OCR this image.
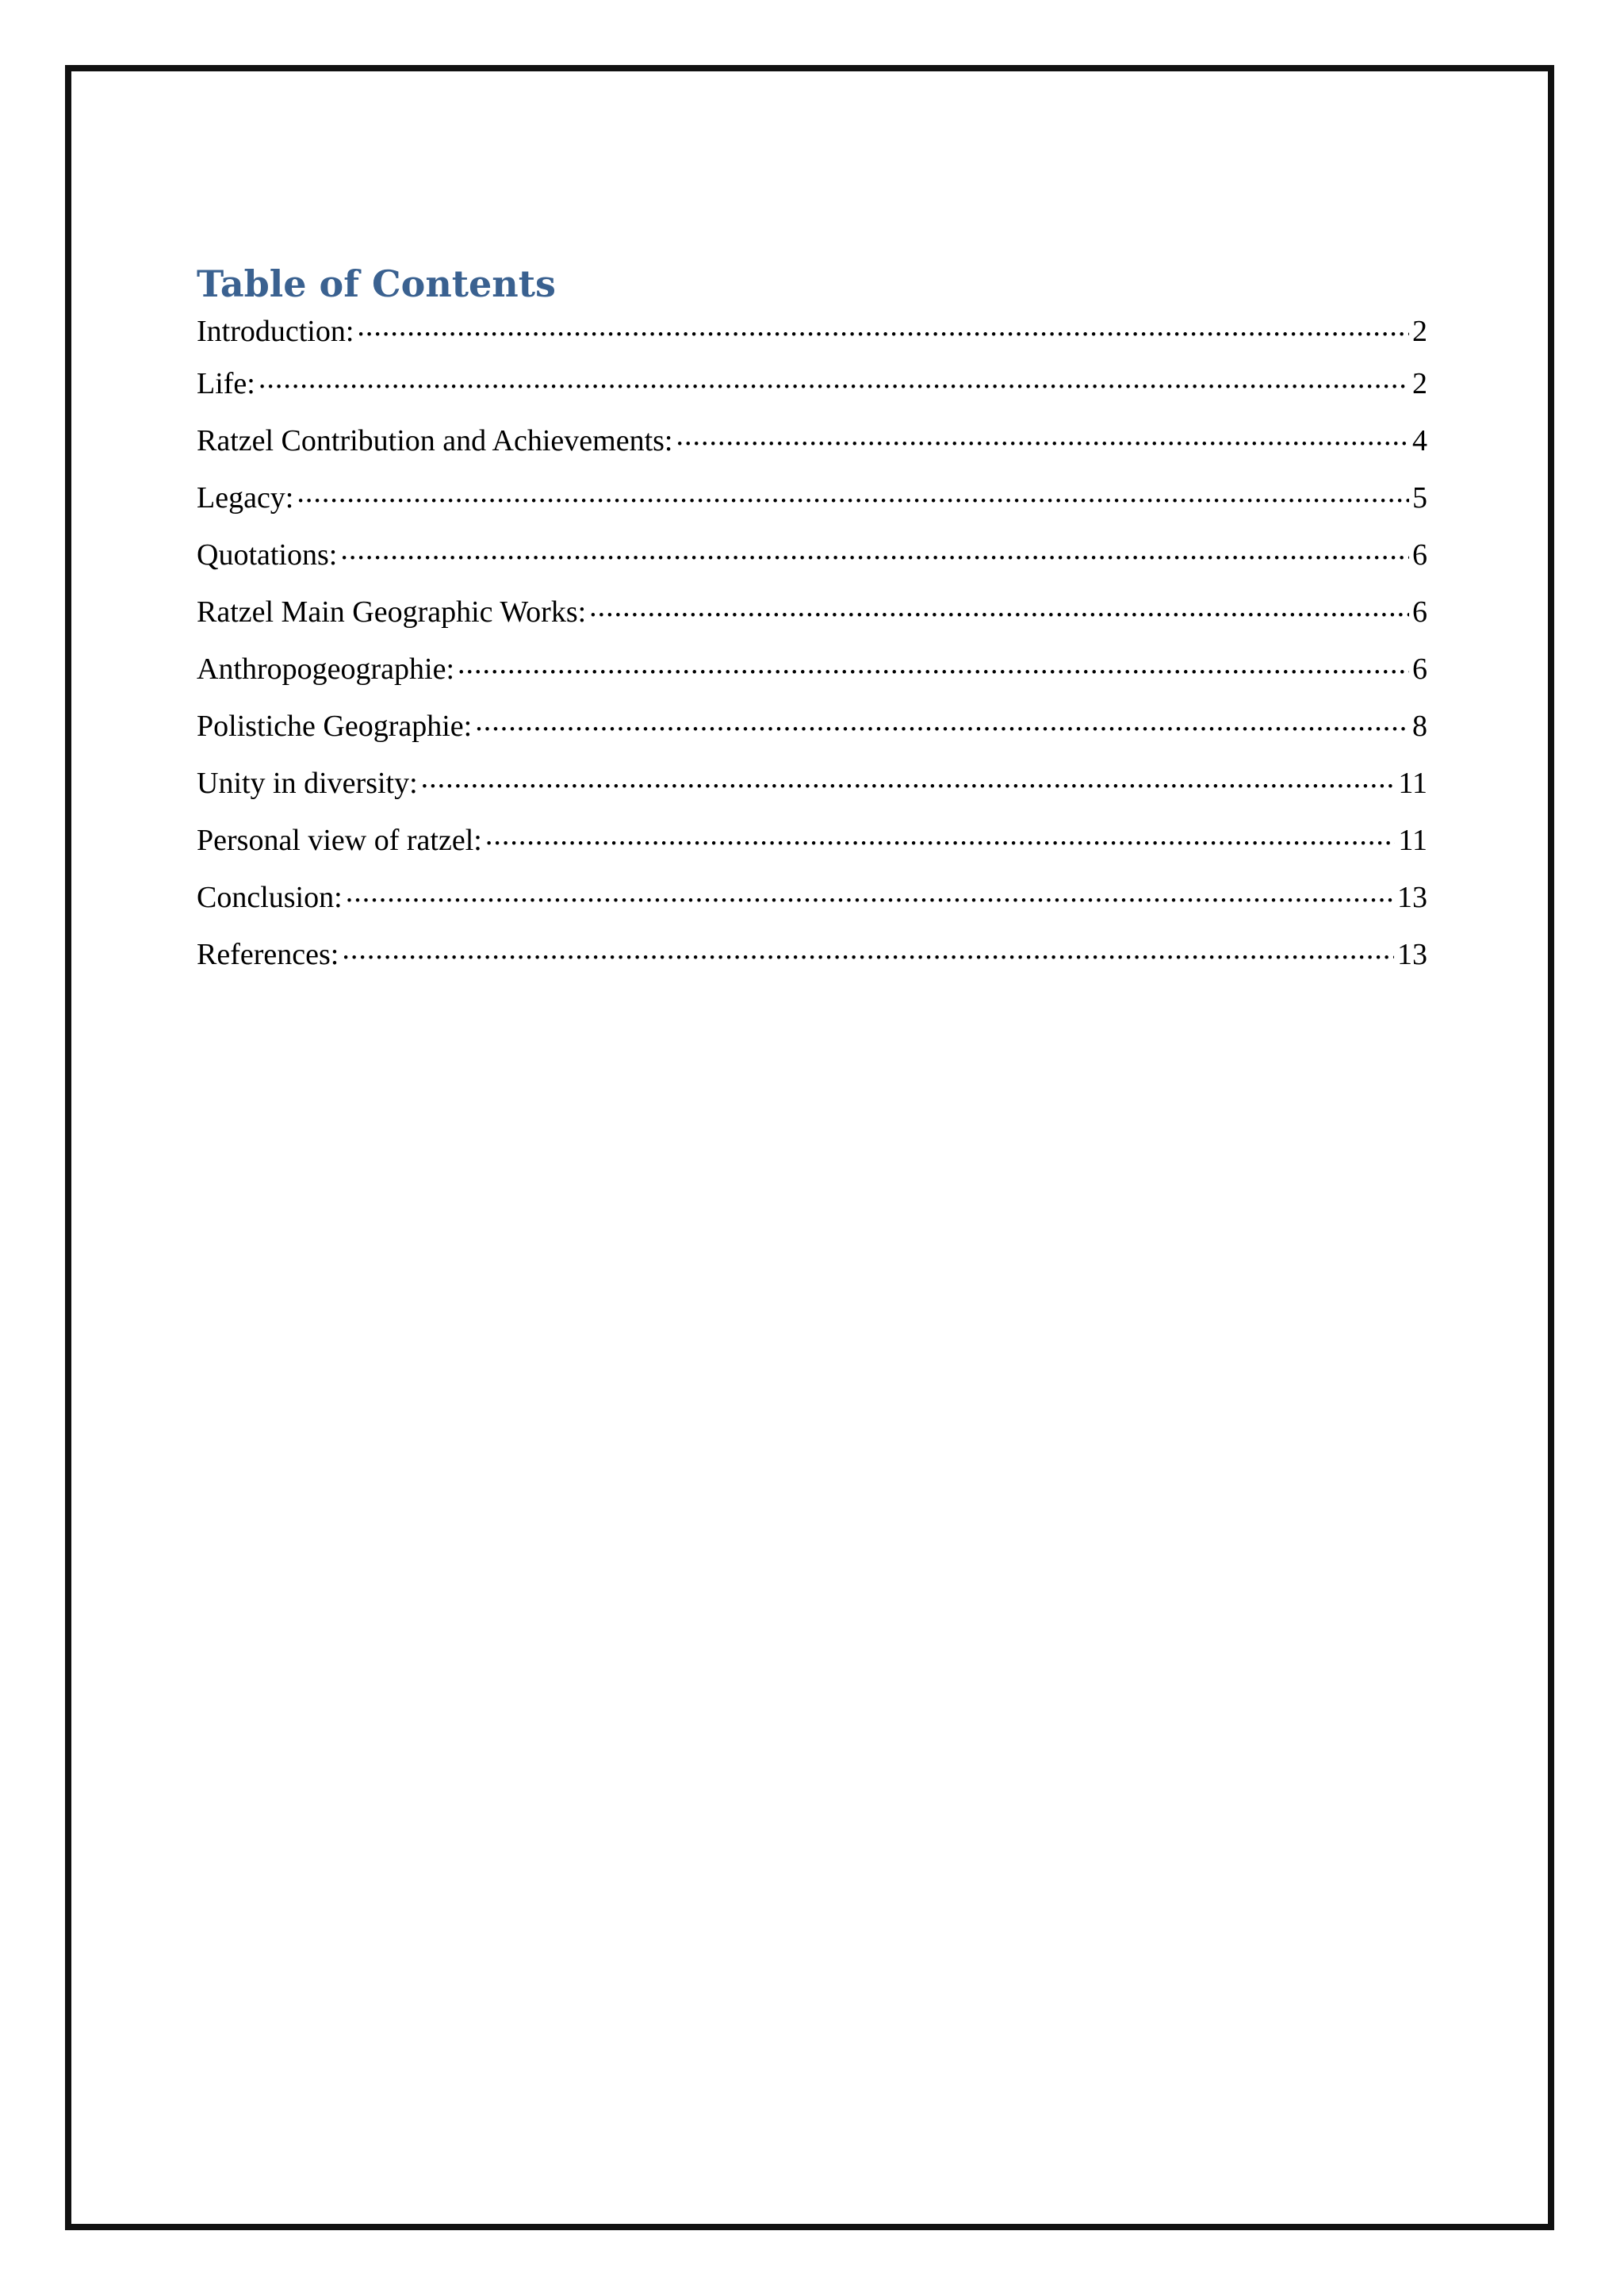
Table of Contents
Introduction: .....	2
Life: .....	2
Ratzel Contribution and Achievements: .....	4
Legacy: .....	5
Quotations: .....	6
Ratzel Main Geographic Works: .....	6
Anthropogeographie: .....	6
Polistiche Geographie: .....	8
Unity in diversity: .....	11
Personal view of ratzel: .....	11
Conclusion: .....	13
References: .....	13
